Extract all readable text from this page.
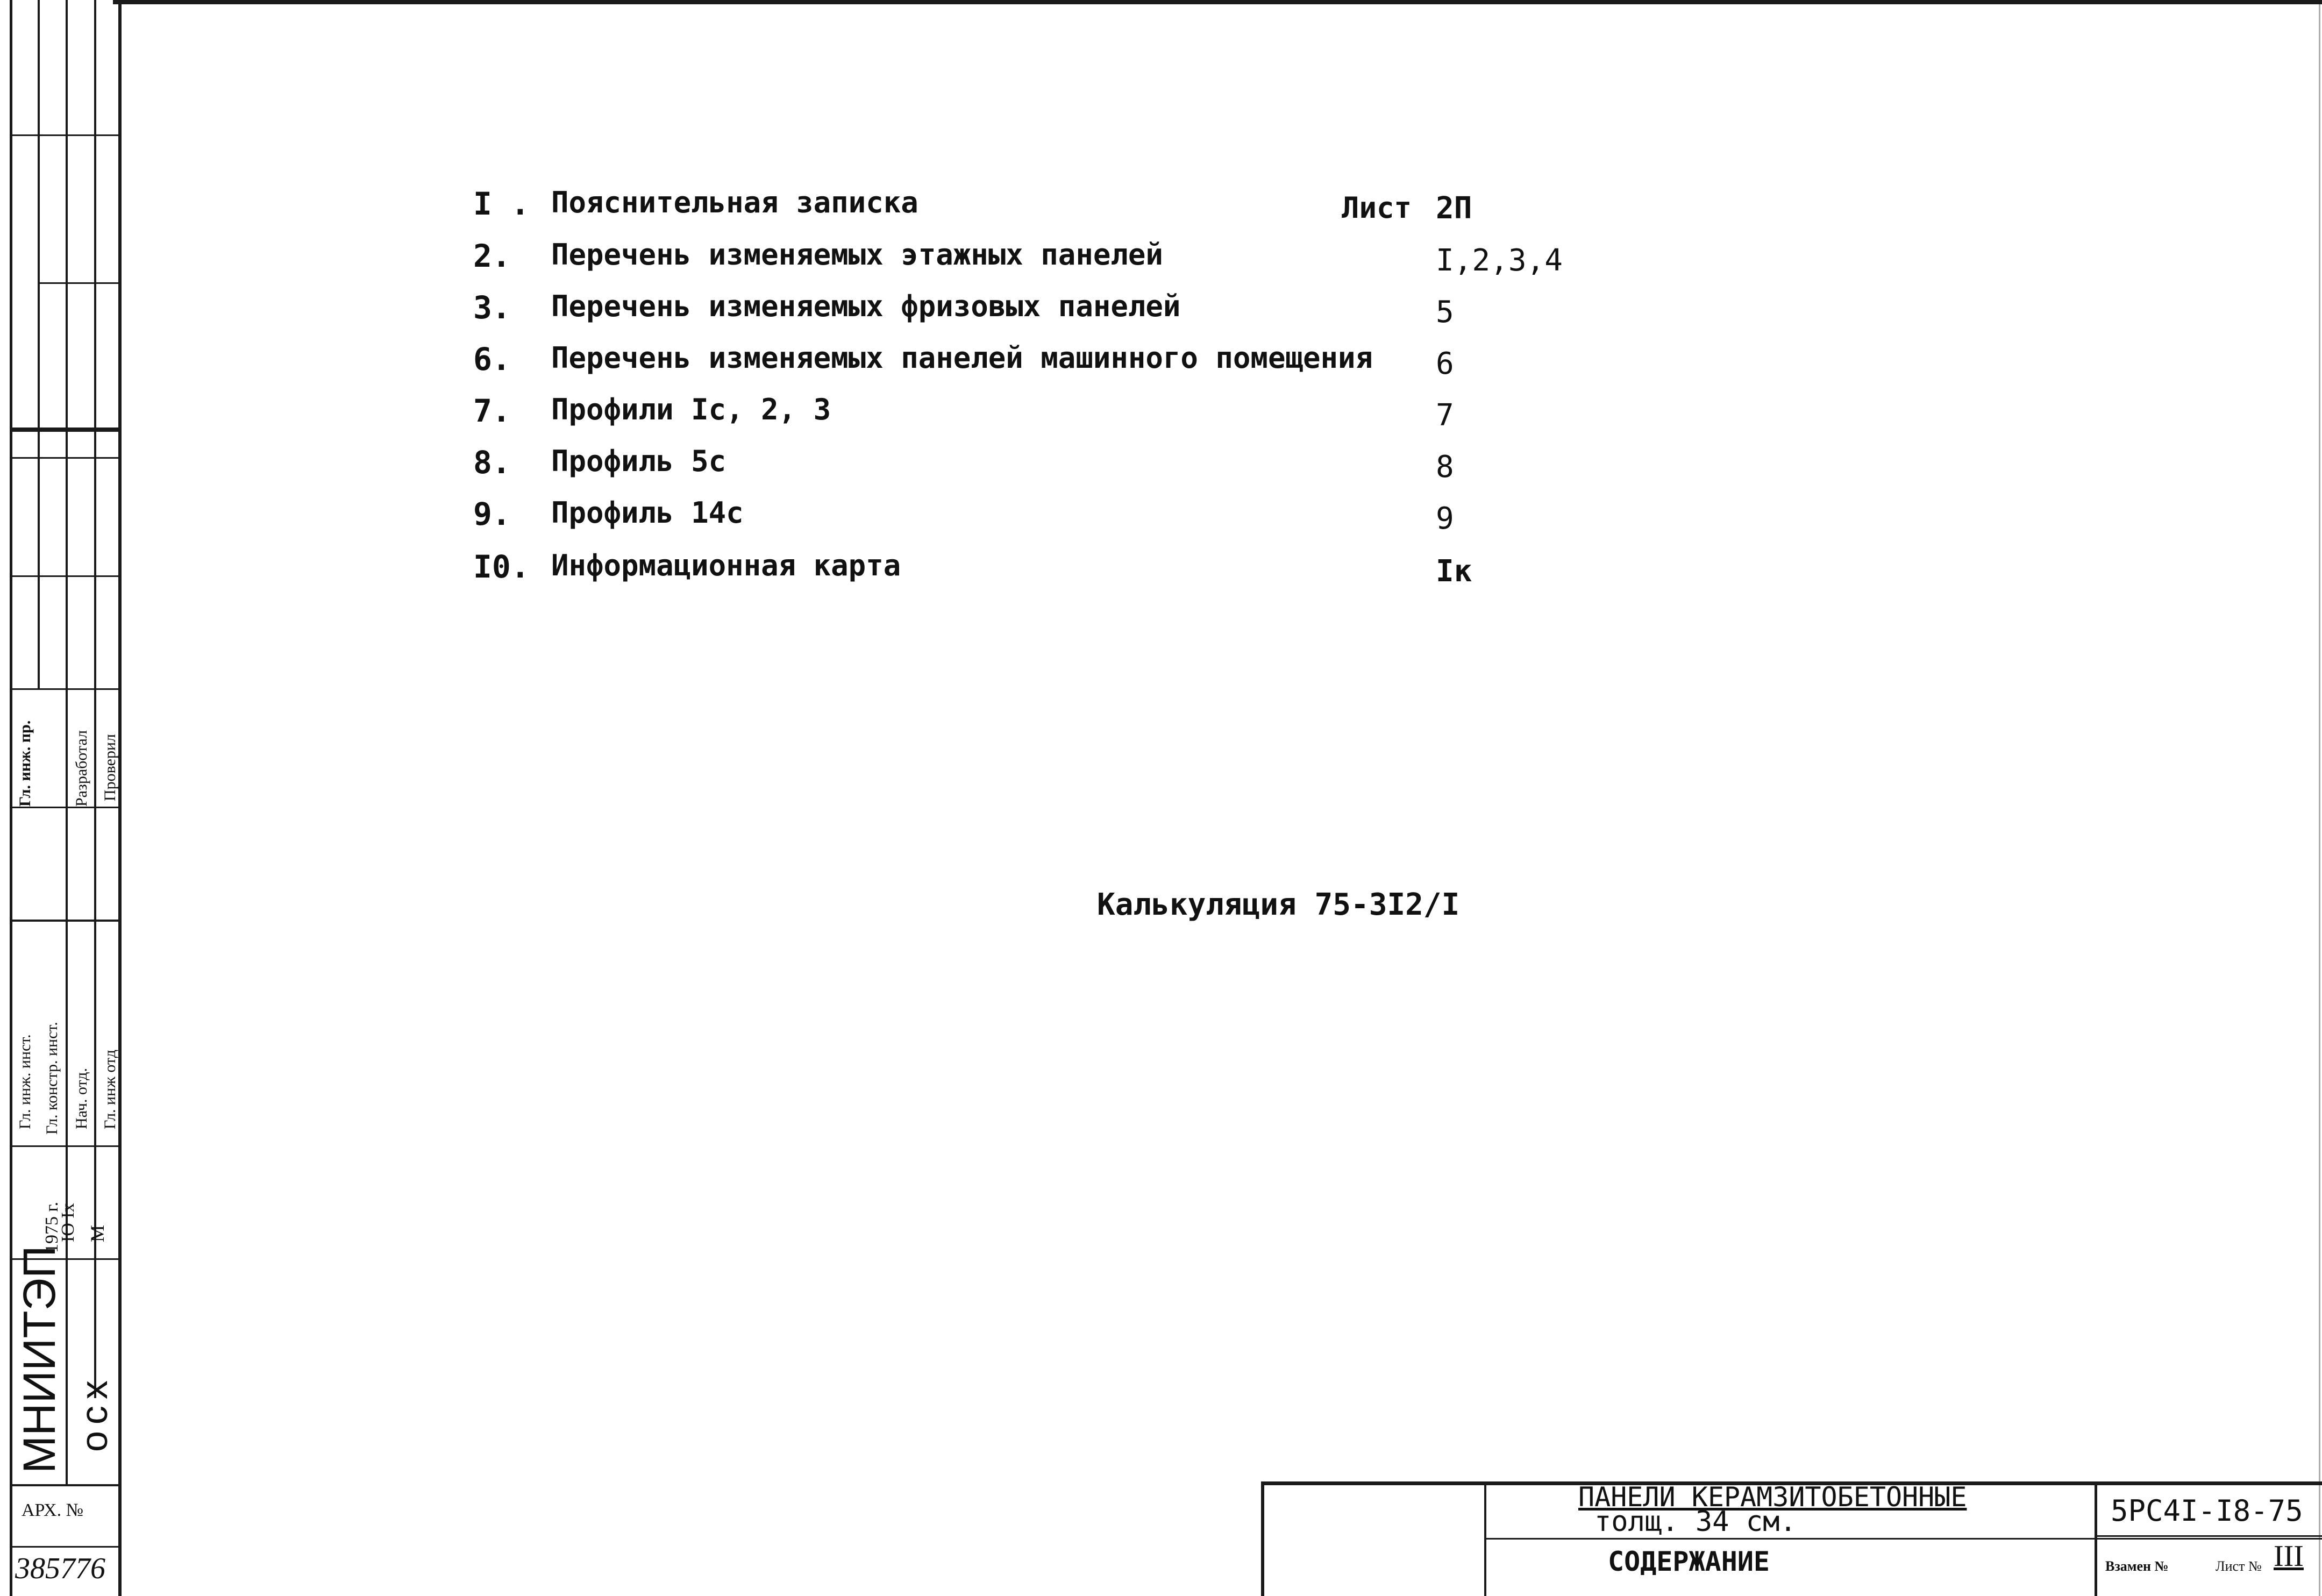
Гл. инж. пр. Разработал Проверил
Гл. инж. инст. Гл. констр. инст. Нач. отд. Гл. инж отд
1975 г.
IO Iх М
МНИИТЭП осх
АРХ. №
385776
I . Пояснительная записка	Лист 2П
2. Перечень изменяемых этажных панелей	I,2,3,4
3. Перечень изменяемых фризовых панелей	5
6. Перечень изменяемых панелей машинного помещения 6
7. Профили Iс, 2, 3	7
8. Профиль 5с	8
9. Профиль 14с	9
I0. Информационная карта	Iк
Калькуляция 75-3I2/I
ПАНЕЛИ КЕРАМЗИТОБЕТОННЫЕ
толщ. 34 см.
СОДЕРЖАНИЕ
5РС4I-I8-75
Взамен №	Лист № III
